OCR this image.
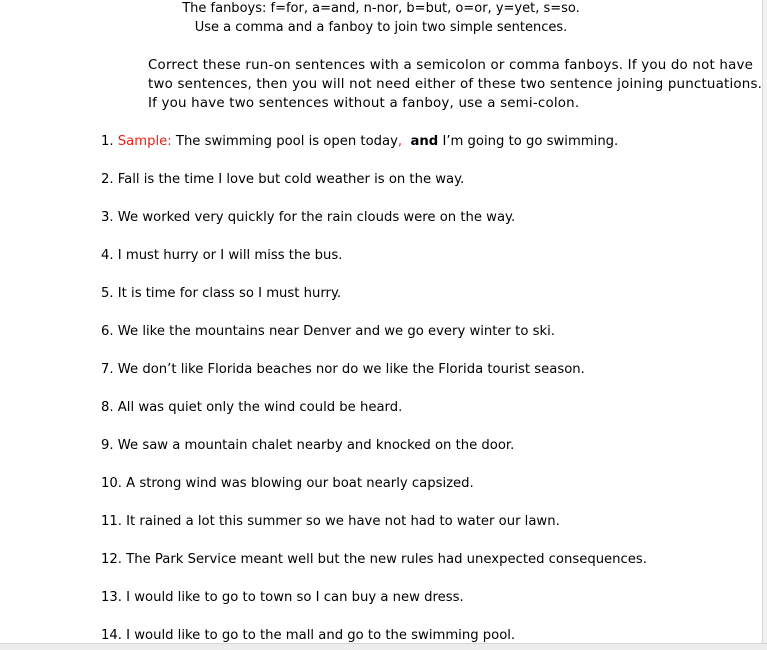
The fanboys: f=for, a=and, n-nor, b=but, o=or, y=yet, s=so.
Use a comma and a fanboy to join two simple sentences.
Correct these run-on sentences with a semicolon or comma fanboys. If you do not have
two sentences, then you will not need either of these two sentence joining punctuations.
If you have two sentences without a fanboy, use a semi-colon.
1. Sample: The swimming pool is open today, and I’m going to go swimming.
2. Fall is the time I love but cold weather is on the way.
3. We worked very quickly for the rain clouds were on the way.
4. I must hurry or I will miss the bus.
5. It is time for class so I must hurry.
6. We like the mountains near Denver and we go every winter to ski.
7. We don’t like Florida beaches nor do we like the Florida tourist season.
8. All was quiet only the wind could be heard.
9. We saw a mountain chalet nearby and knocked on the door.
10. A strong wind was blowing our boat nearly capsized.
11. It rained a lot this summer so we have not had to water our lawn.
12. The Park Service meant well but the new rules had unexpected consequences.
13. I would like to go to town so I can buy a new dress.
14. I would like to go to the mall and go to the swimming pool.
